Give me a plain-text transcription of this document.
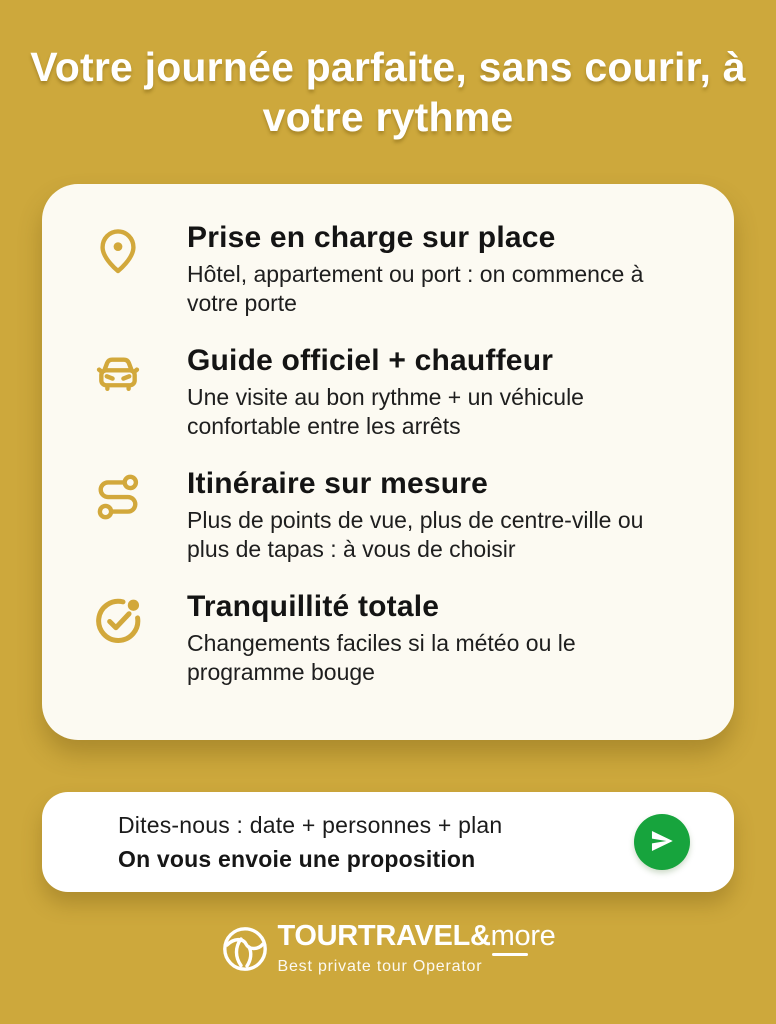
Votre journée parfaite, sans courir, à votre rythme
Prise en charge sur place
Hôtel, appartement ou port : on commence à votre porte
Guide officiel + chauffeur
Une visite au bon rythme + un véhicule confortable entre les arrêts
Itinéraire sur mesure
Plus de points de vue, plus de centre-ville ou plus de tapas : à vous de choisir
Tranquillité totale
Changements faciles si la météo ou le programme bouge
Dites-nous : date + personnes + plan
On vous envoie une proposition
TOURTRAVEL&more
Best private tour Operator
